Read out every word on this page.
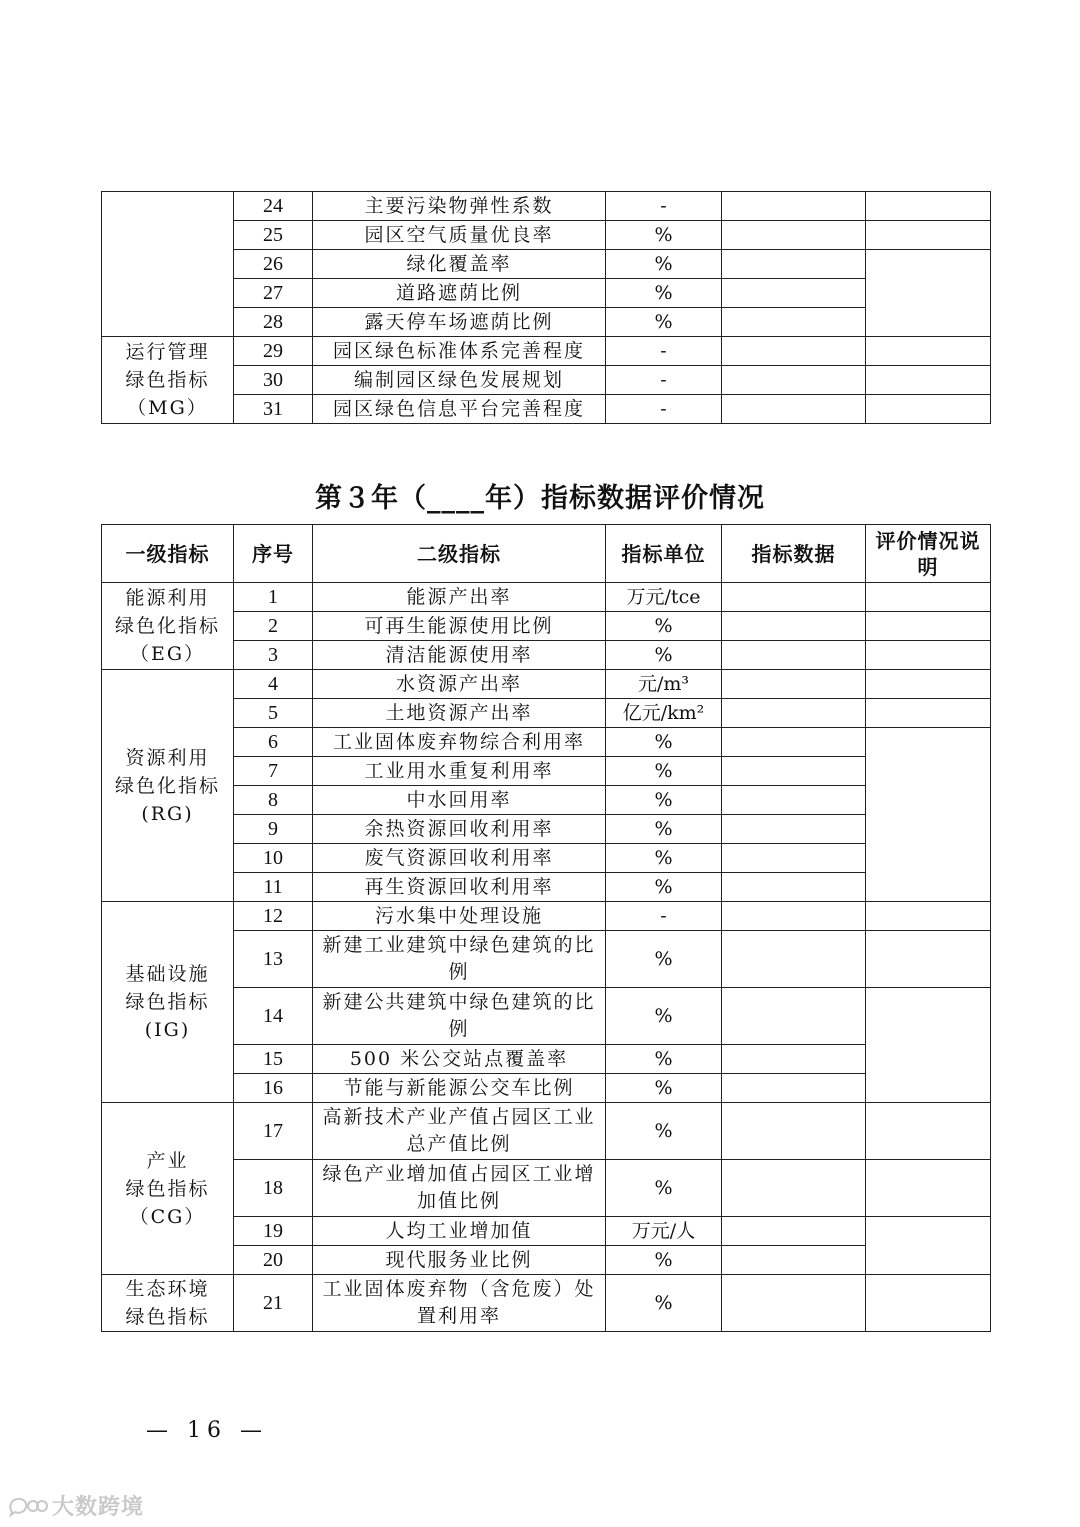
	24	主要污染物弹性系数	-		
	25	园区空气质量优良率	%		
	26	绿化覆盖率	%		
	27	道路遮荫比例	%		
	28	露天停车场遮荫比例	%		
运行管理
绿色指标
（MG）	29	园区绿色标准体系完善程度	-		
	30	编制园区绿色发展规划	-		
	31	园区绿色信息平台完善程度	-		
第３年（____年）指标数据评价情况
一级指标	序号	二级指标	指标单位	指标数据	评价情况说
明
能源利用
绿色化指标
（EG）	1	能源产出率	万元/tce		
	2	可再生能源使用比例	%		
	3	清洁能源使用率	%		
资源利用
绿色化指标
(RG)	4	水资源产出率	元/m³		
	5	土地资源产出率	亿元/km²		
	6	工业固体废弃物综合利用率	%		
	7	工业用水重复利用率	%		
	8	中水回用率	%		
	9	余热资源回收利用率	%		
	10	废气资源回收利用率	%		
	11	再生资源回收利用率	%		
基础设施
绿色指标
(IG)	12	污水集中处理设施	-		
	13	新建工业建筑中绿色建筑的比
例	%		
	14	新建公共建筑中绿色建筑的比
例	%		
	15	500 米公交站点覆盖率	%		
	16	节能与新能源公交车比例	%		
产业
绿色指标
（CG）	17	高新技术产业产值占园区工业
总产值比例	%		
	18	绿色产业增加值占园区工业增
加值比例	%		
	19	人均工业增加值	万元/人		
	20	现代服务业比例	%		
生态环境
绿色指标	21	工业固体废弃物（含危废）处
置利用率	%		
— 16 —
大数跨境
